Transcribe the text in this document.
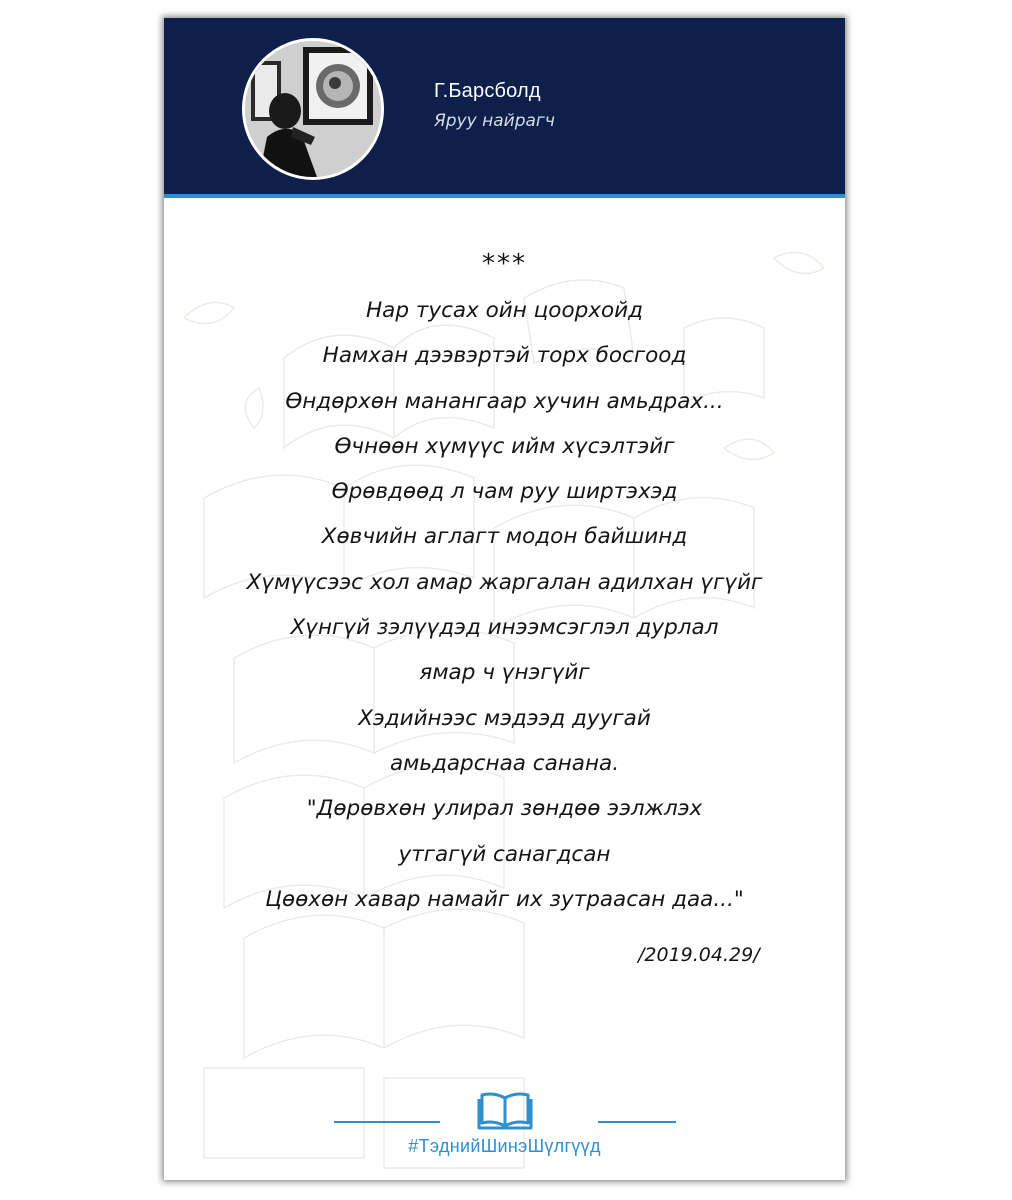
Г.Барсболд
Яруу найрагч
***
Нар тусах ойн цоорхойд
Намхан дээвэртэй торх босгоод
Өндөрхөн манангаар хучин амьдрах...
Өчнөөн хүмүүс ийм хүсэлтэйг
Өрөвдөөд л чам руу ширтэхэд
Хөвчийн аглагт модон байшинд
Хүмүүсээс хол амар жаргалан адилхан үгүйг
Хүнгүй зэлүүдэд инээмсэглэл дурлал
ямар ч үнэгүйг
Хэдийнээс мэдээд дуугай
амьдарснаа санана.
"Дөрөвхөн улирал зөндөө ээлжлэх
утгагүй санагдсан
Цөөхөн хавар намайг их зутраасан даа..."
/2019.04.29/
#ТэднийШинэШүлгүүд
